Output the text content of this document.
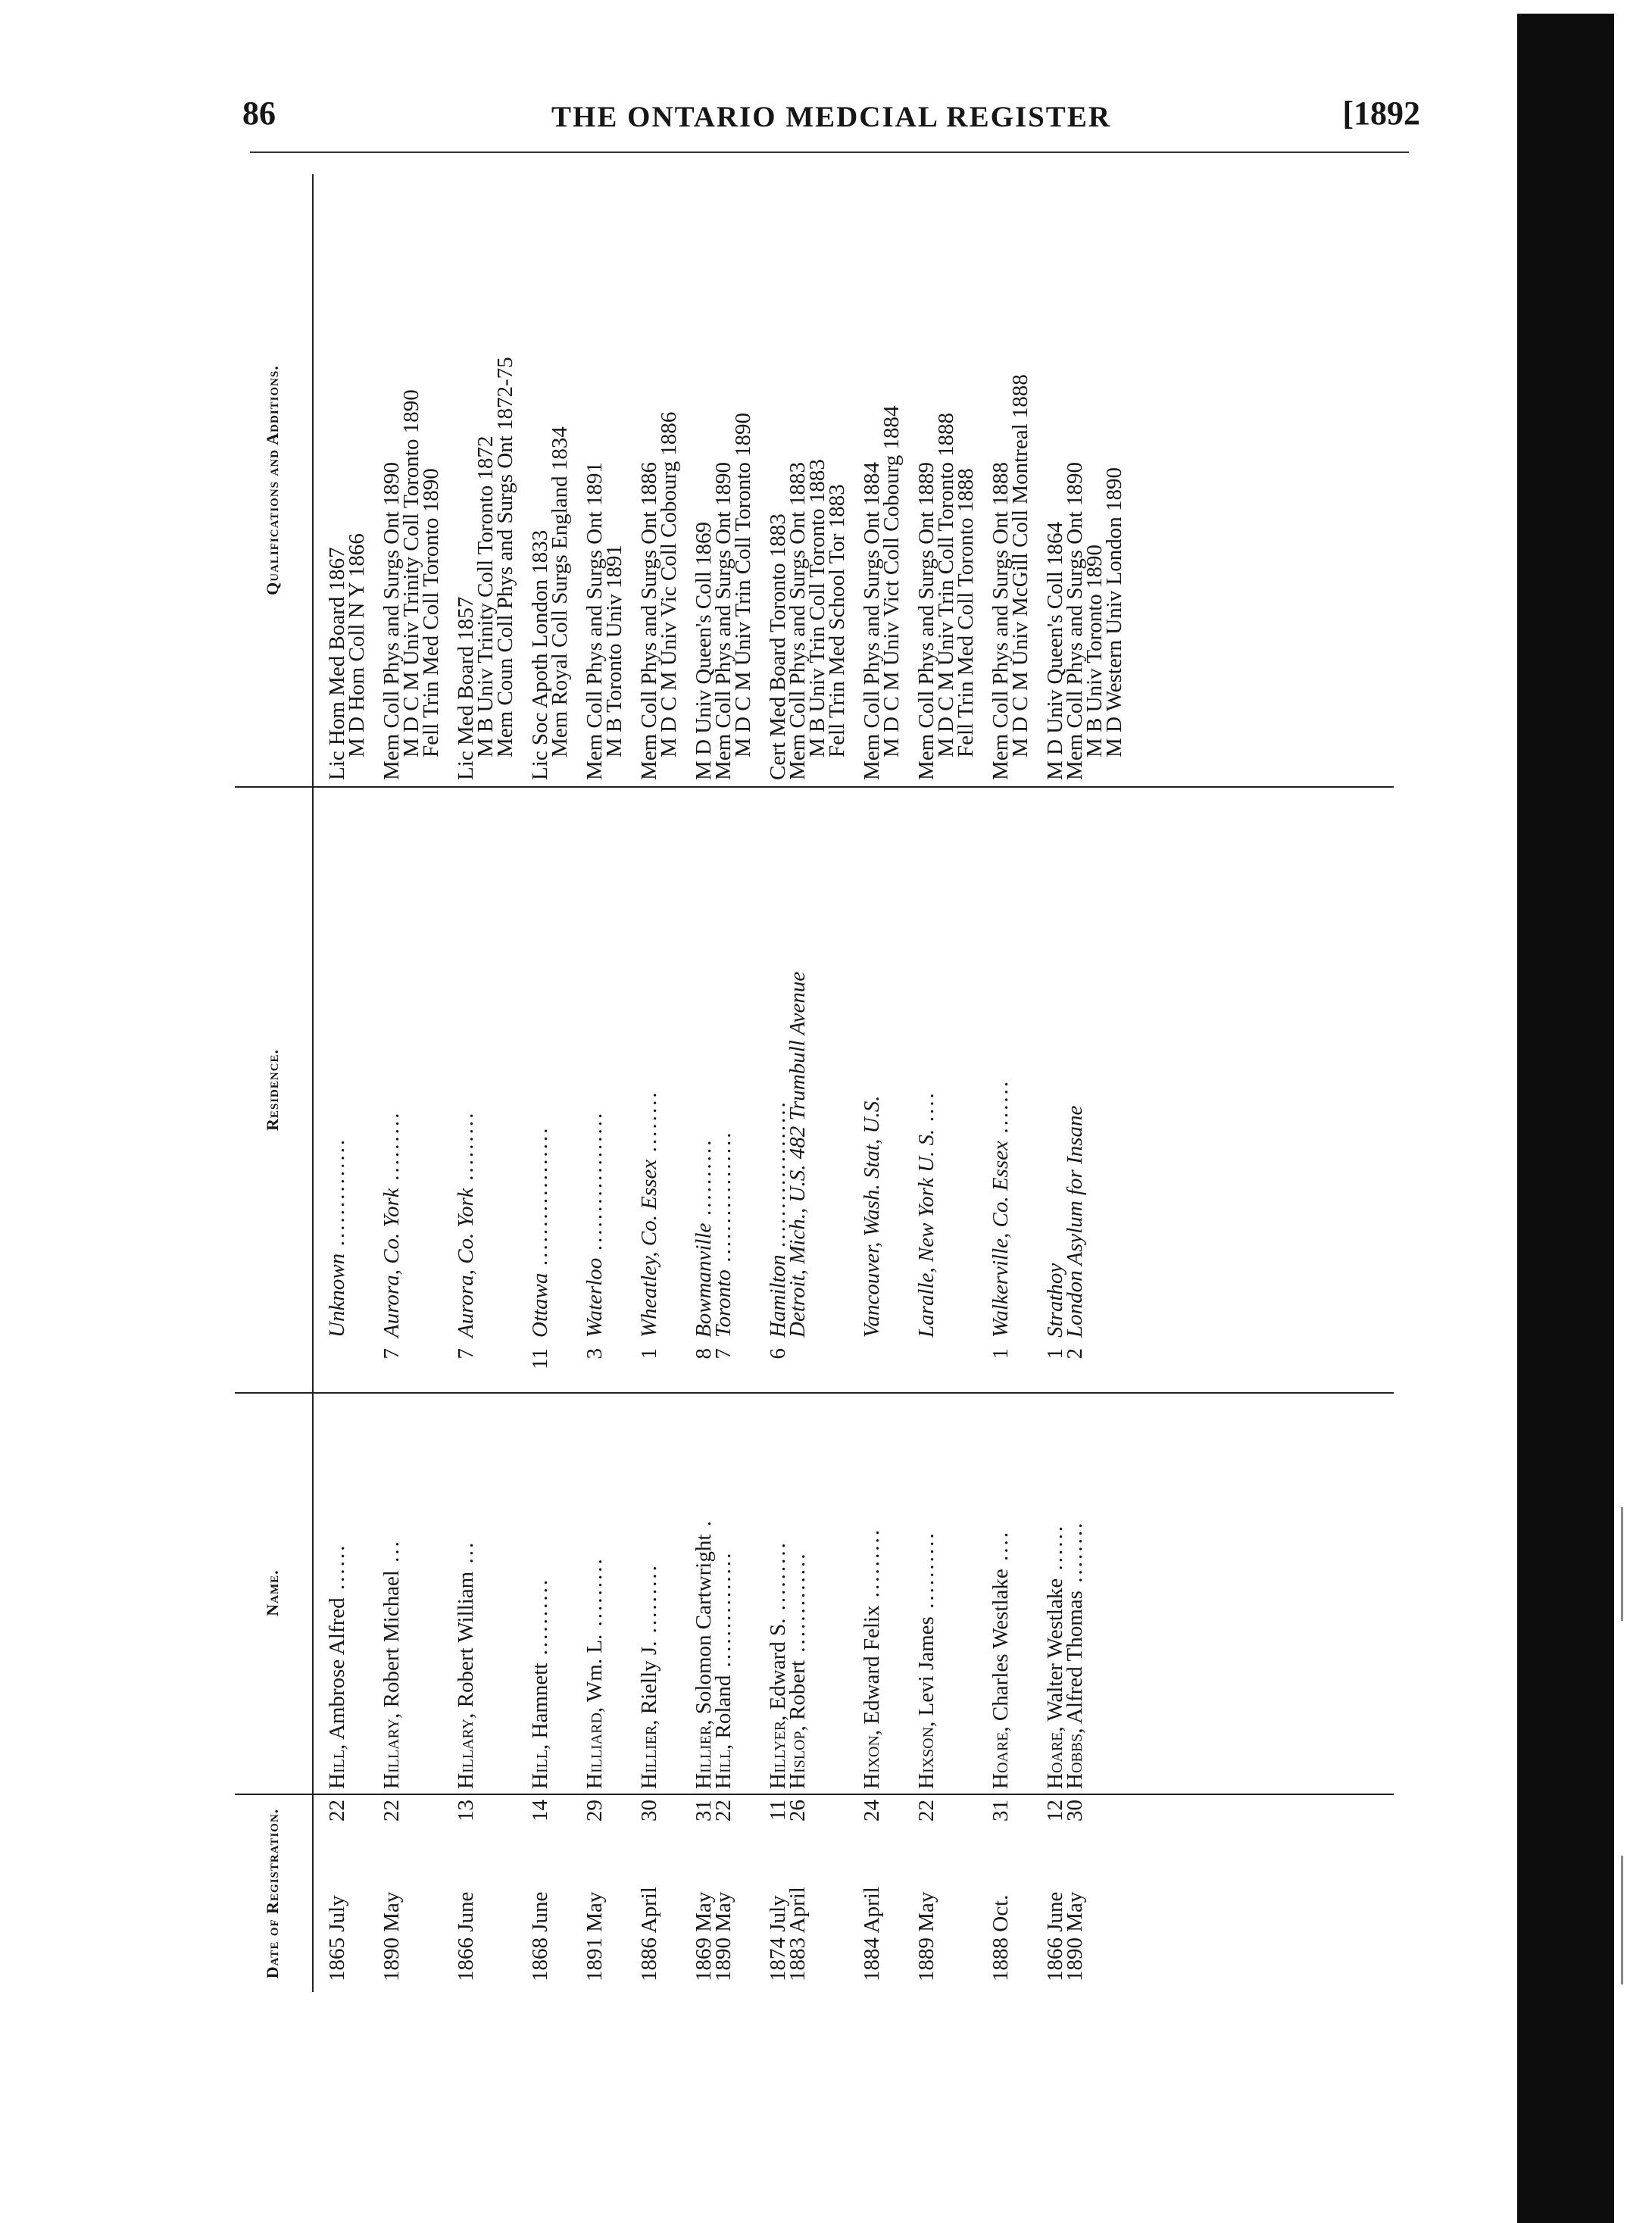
86	THE ONTARIO MEDCIAL REGISTER	[1892
Date of Registration.
Name.
Residence.
Qualifications and Additions.
1865 July
22
Hill, Ambrose Alfred ......
Unknown ..............
Lic Hom Med Board 1867
M D Hom Coll N Y 1866
1890 May
22
Hillary, Robert Michael ...
7
Aurora, Co. York .........
Mem Coll Phys and Surgs Ont 1890
M D C M Univ Trinity Coll Toronto 1890
Fell Trin Med Coll Toronto 1890
1866 June
13
Hillary, Robert William ...
7
Aurora, Co. York .........
Lic Med Board 1857
M B Univ Trinity Coll Toronto 1872
Mem Coun Coll Phys and Surgs Ont 1872-75
1868 June
14
Hill, Hamnett ..........
11
Ottawa ..................
Lic Soc Apoth London 1833
Mem Royal Coll Surgs England 1834
1891 May
29
Hilliard, Wm. L. .........
3
Waterloo ..................
Mem Coll Phys and Surgs Ont 1891
M B Toronto Univ 1891
1886 April
30
Hillier, Rielly J. .........
1
Wheatley, Co. Essex ........
Mem Coll Phys and Surgs Ont 1886
M D C M Univ Vic Coll Cobourg 1886
1869 May
31
Hillier, Solomon Cartwright .
8
Bowmanville ..........
M D Univ Queen's Coll 1869
1890 May
22
Hill, Roland ...............
7
Toronto .................
Mem Coll Phys and Surgs Ont 1890
M D C M Univ Trin Coll Toronto 1890
1874 July
11
Hillyer, Edward S. .........
6
Hamilton ...................
Cert Med Board Toronto 1883
1883 April
26
Hislop, Robert .............
Detroit, Mich., U.S. 482 Trumbull Avenue
Mem Coll Phys and Surgs Ont 1883
M B Univ Trin Coll Toronto 1883
Fell Trin Med School Tor 1883
1884 April
24
Hixon, Edward Felix .........
Vancouver, Wash. Stat, U.S.
Mem Coll Phys and Surgs Ont 1884
M D C M Univ Vict Coll Cobourg 1884
1889 May
22
Hixson, Levi James ..........
Laralle, New York U. S. ....
Mem Coll Phys and Surgs Ont 1889
M D C M Univ Trin Coll Toronto 1888
Fell Trin Med Coll Toronto 1888
1888 Oct.
31
Hoare, Charles Westlake ....
1
Walkerville, Co. Essex .......
Mem Coll Phys and Surgs Ont 1888
M D C M Univ McGill Coll Montreal 1888
1866 June
12
Hoare, Walter Westlake ......
1
Strathoy
M D Univ Queen's Coll 1864
1890 May
30
Hobbs, Alfred Thomas ........
2
London Asylum for Insane
Mem Coll Phys and Surgs Ont 1890
M B Univ Toronto 1890
M D Western Univ London 1890
